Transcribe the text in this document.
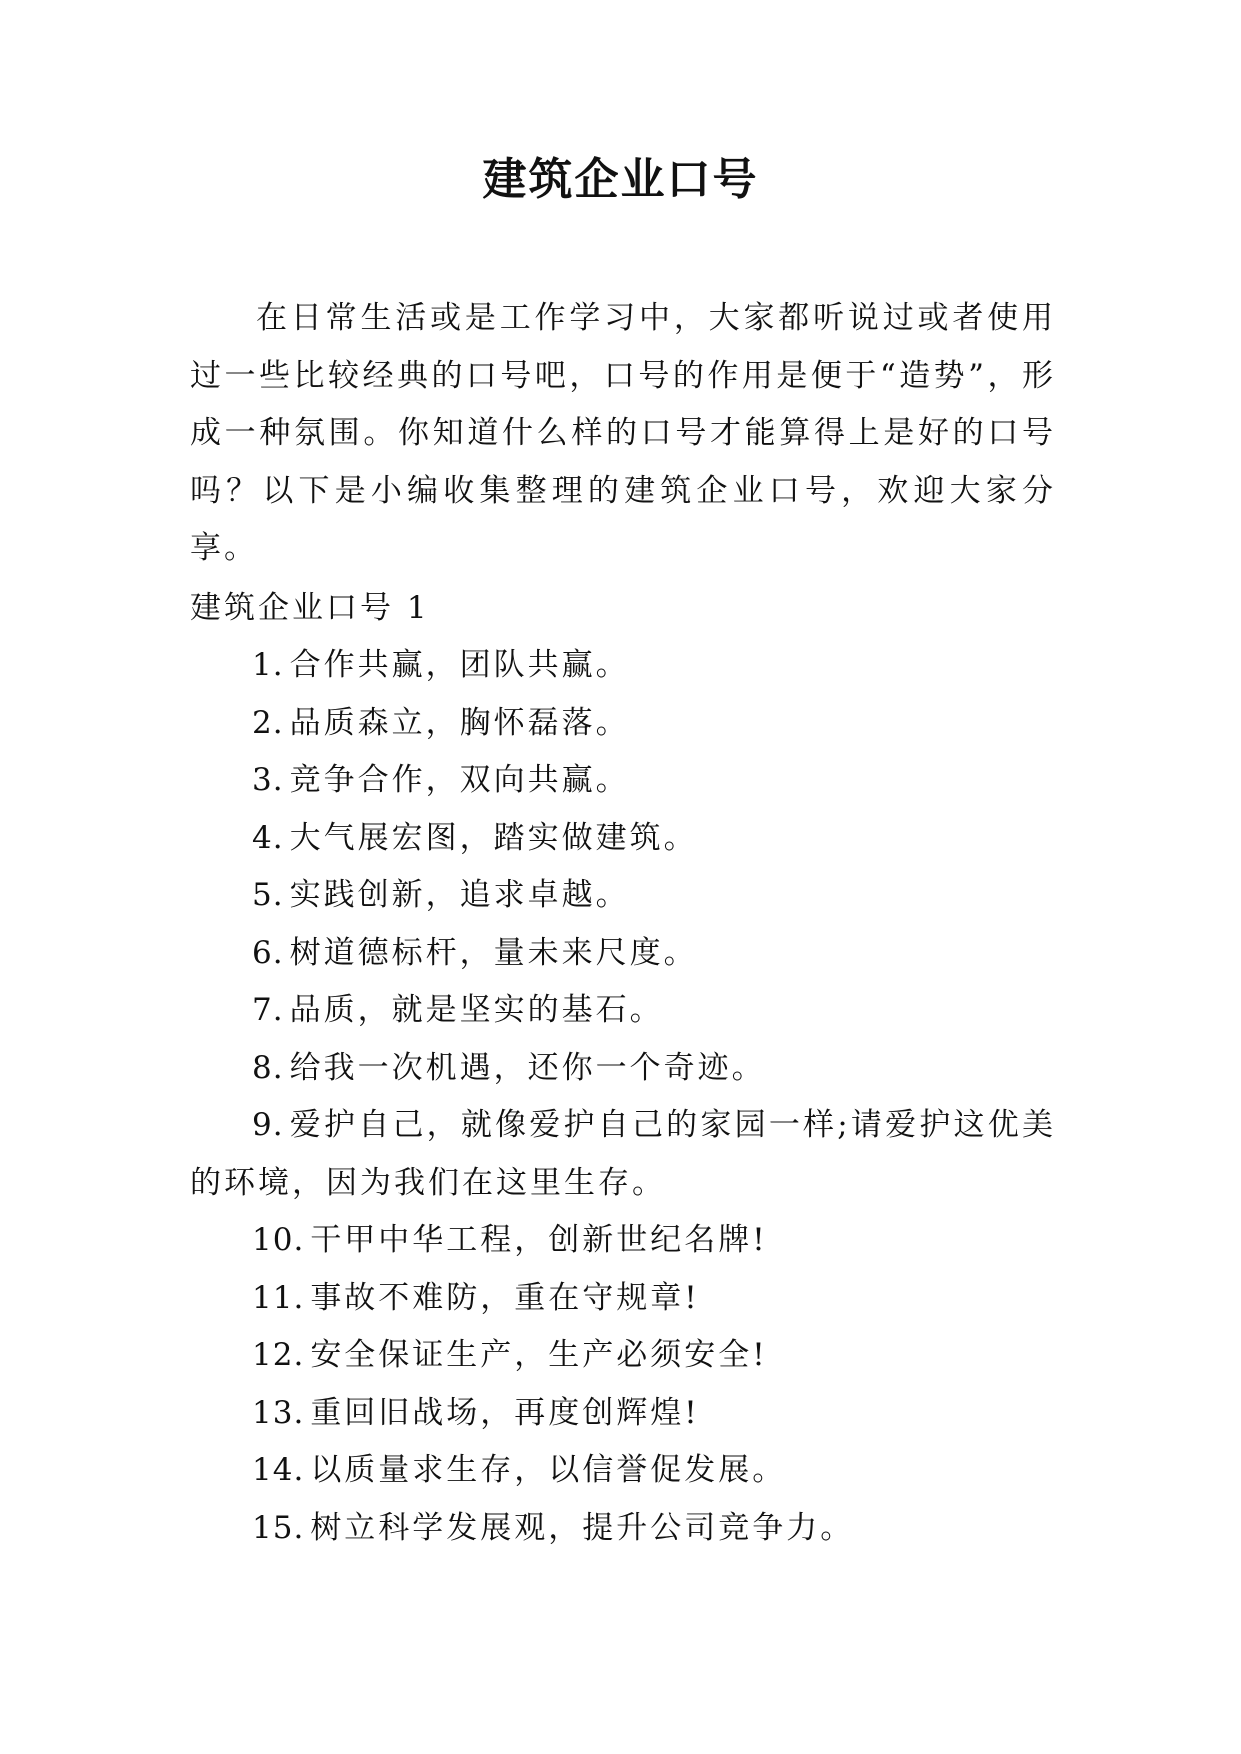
建筑企业口号

在日常生活或是工作学习中，大家都听说过或者使用过一些比较经典的口号吧，口号的作用是便于“造势”，形成一种氛围。你知道什么样的口号才能算得上是好的口号吗？以下是小编收集整理的建筑企业口号，欢迎大家分享。

建筑企业口号 1

1. 合作共赢，团队共赢。
2. 品质森立，胸怀磊落。
3. 竞争合作，双向共赢。
4. 大气展宏图，踏实做建筑。
5. 实践创新，追求卓越。
6. 树道德标杆，量未来尺度。
7. 品质，就是坚实的基石。
8. 给我一次机遇，还你一个奇迹。
9. 爱护自己，就像爱护自己的家园一样;请爱护这优美的环境，因为我们在这里生存。
10. 干甲中华工程，创新世纪名牌!
11. 事故不难防，重在守规章!
12. 安全保证生产，生产必须安全!
13. 重回旧战场，再度创辉煌!
14. 以质量求生存，以信誉促发展。
15. 树立科学发展观，提升公司竞争力。
